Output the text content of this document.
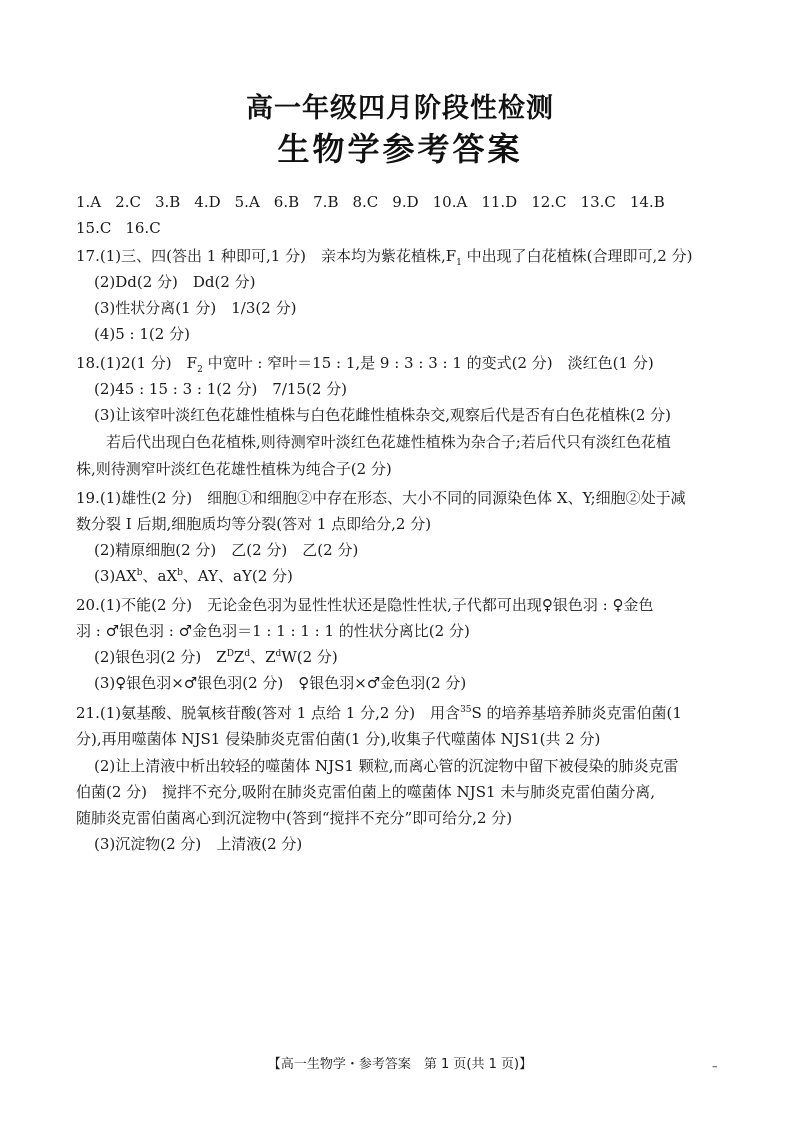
高一年级四月阶段性检测
生物学参考答案
1.A 2.C 3.B 4.D 5.A 6.B 7.B 8.C 9.D 10.A 11.D 12.C 13.C 14.B
15.C 16.C
17.(1)三、四(答出 1 种即可,1 分)　亲本均为紫花植株$,F_1$ 中出现了白花植株(合理即可,2 分)
(2)Dd(2 分)　Dd(2 分)
(3)性状分离(1 分)　1/3(2 分)
(4)5 : 1(2 分)
18.(1)2(1 分)　$F_2$ 中宽叶 : 窄叶＝15 : 1,是 9 : 3 : 3 : 1 的变式(2 分)　淡红色(1 分)
(2)45 : 15 : 3 : 1(2 分)　7/15(2 分)
(3)让该窄叶淡红色花雄性植株与白色花雌性植株杂交,观察后代是否有白色花植株(2 分)
若后代出现白色花植株,则待测窄叶淡红色花雄性植株为杂合子;若后代只有淡红色花植
株,则待测窄叶淡红色花雄性植株为纯合子(2 分)
19.(1)雄性(2 分)　细胞①和细胞②中存在形态、大小不同的同源染色体 X、Y;细胞②处于减
数分裂 Ⅰ 后期,细胞质均等分裂(答对 1 点即给分,2 分)
(2)精原细胞(2 分)　乙(2 分)　乙(2 分)
$(3)AX^b$、$aX^b$、AY、aY(2 分)
20.(1)不能(2 分)　无论金色羽为显性性状还是隐性性状,子代都可出现♀银色羽 : ♀金色
羽 : ♂银色羽 : ♂金色羽＝1 : 1 : 1 : 1 的性状分离比(2 分)
(2)银色羽(2 分)　$Z^DZ^d$、$Z^dW(2$ 分)
(3)♀银色羽×♂银色羽(2 分)　♀银色羽×♂金色羽(2 分)
21.(1)氨基酸、脱氧核苷酸(答对 1 点给 1 分,2 分)　用含$^{35}$S 的培养基培养肺炎克雷伯菌(1
分),再用噬菌体 NJS1 侵染肺炎克雷伯菌(1 分),收集子代噬菌体 NJS1(共 2 分)
(2)让上清液中析出较轻的噬菌体 NJS1 颗粒,而离心管的沉淀物中留下被侵染的肺炎克雷
伯菌(2 分)　搅拌不充分,吸附在肺炎克雷伯菌上的噬菌体 NJS1 未与肺炎克雷伯菌分离,
随肺炎克雷伯菌离心到沉淀物中(答到“搅拌不充分”即可给分,2 分)
(3)沉淀物(2 分)　上清液(2 分)
【高一生物学・参考答案　第 1 页(共 1 页)】	–
